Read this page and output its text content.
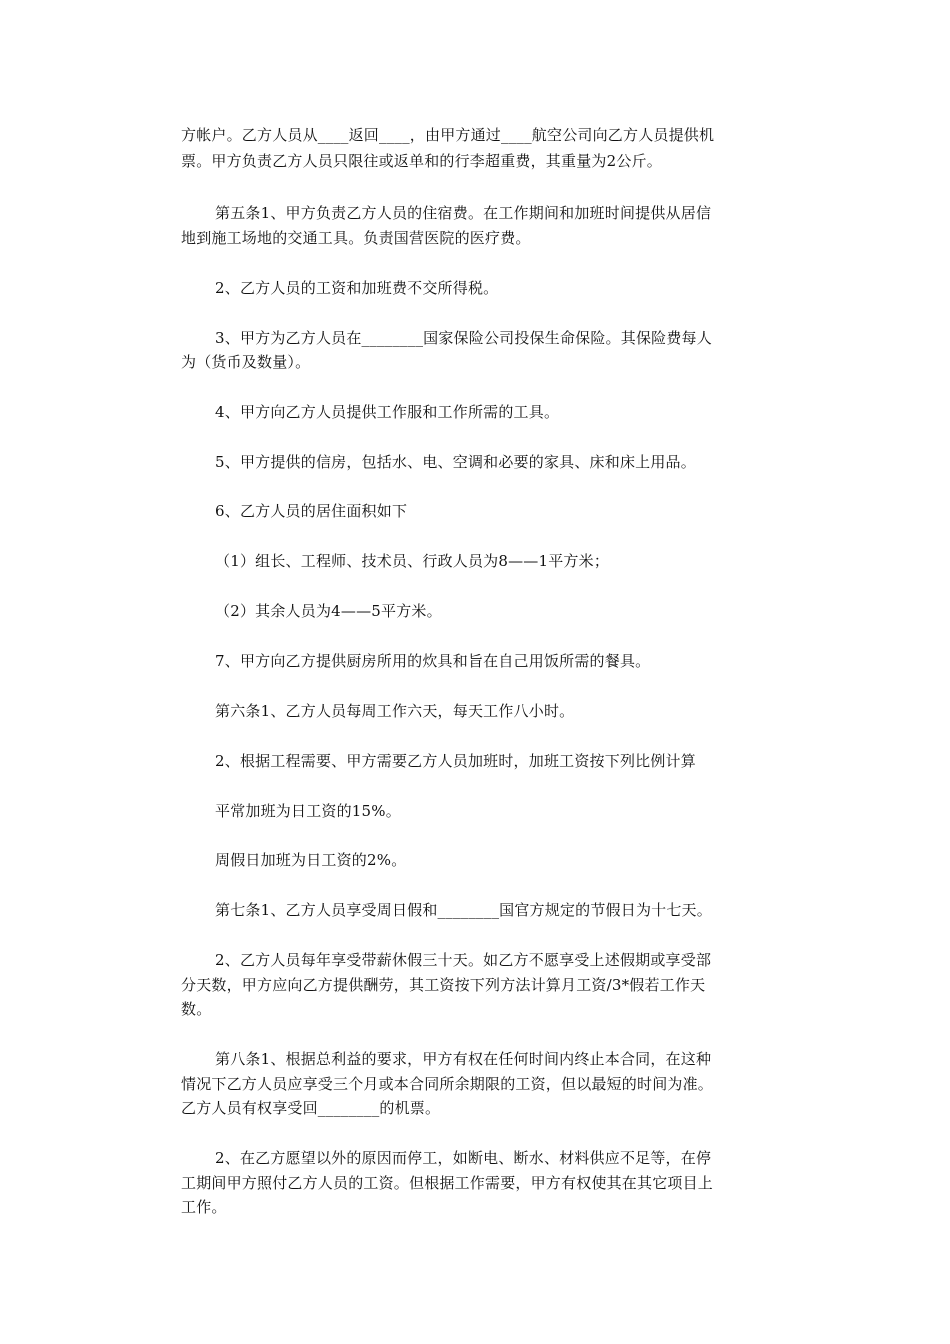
方帐户。乙方人员从____返回____，由甲方通过____航空公司向乙方人员提供机
票。甲方负责乙方人员只限往或返单和的行李超重费，其重量为2公斤。
第五条1、甲方负责乙方人员的住宿费。在工作期间和加班时间提供从居信
地到施工场地的交通工具。负责国营医院的医疗费。
2、乙方人员的工资和加班费不交所得税。
3、甲方为乙方人员在________国家保险公司投保生命保险。其保险费每人
为（货币及数量）。
4、甲方向乙方人员提供工作服和工作所需的工具。
5、甲方提供的信房，包括水、电、空调和必要的家具、床和床上用品。
6、乙方人员的居住面积如下
（1）组长、工程师、技术员、行政人员为8——1平方米；
（2）其余人员为4——5平方米。
7、甲方向乙方提供厨房所用的炊具和旨在自己用饭所需的餐具。
第六条1、乙方人员每周工作六天，每天工作八小时。
2、根据工程需要、甲方需要乙方人员加班时，加班工资按下列比例计算
平常加班为日工资的15%。
周假日加班为日工资的2%。
第七条1、乙方人员享受周日假和________国官方规定的节假日为十七天。
2、乙方人员每年享受带薪休假三十天。如乙方不愿享受上述假期或享受部
分天数，甲方应向乙方提供酬劳，其工资按下列方法计算月工资/3*假若工作天
数。
第八条1、根据总利益的要求，甲方有权在任何时间内终止本合同，在这种
情况下乙方人员应享受三个月或本合同所余期限的工资，但以最短的时间为准。
乙方人员有权享受回________的机票。
2、在乙方愿望以外的原因而停工，如断电、断水、材料供应不足等，在停
工期间甲方照付乙方人员的工资。但根据工作需要，甲方有权使其在其它项目上
工作。
